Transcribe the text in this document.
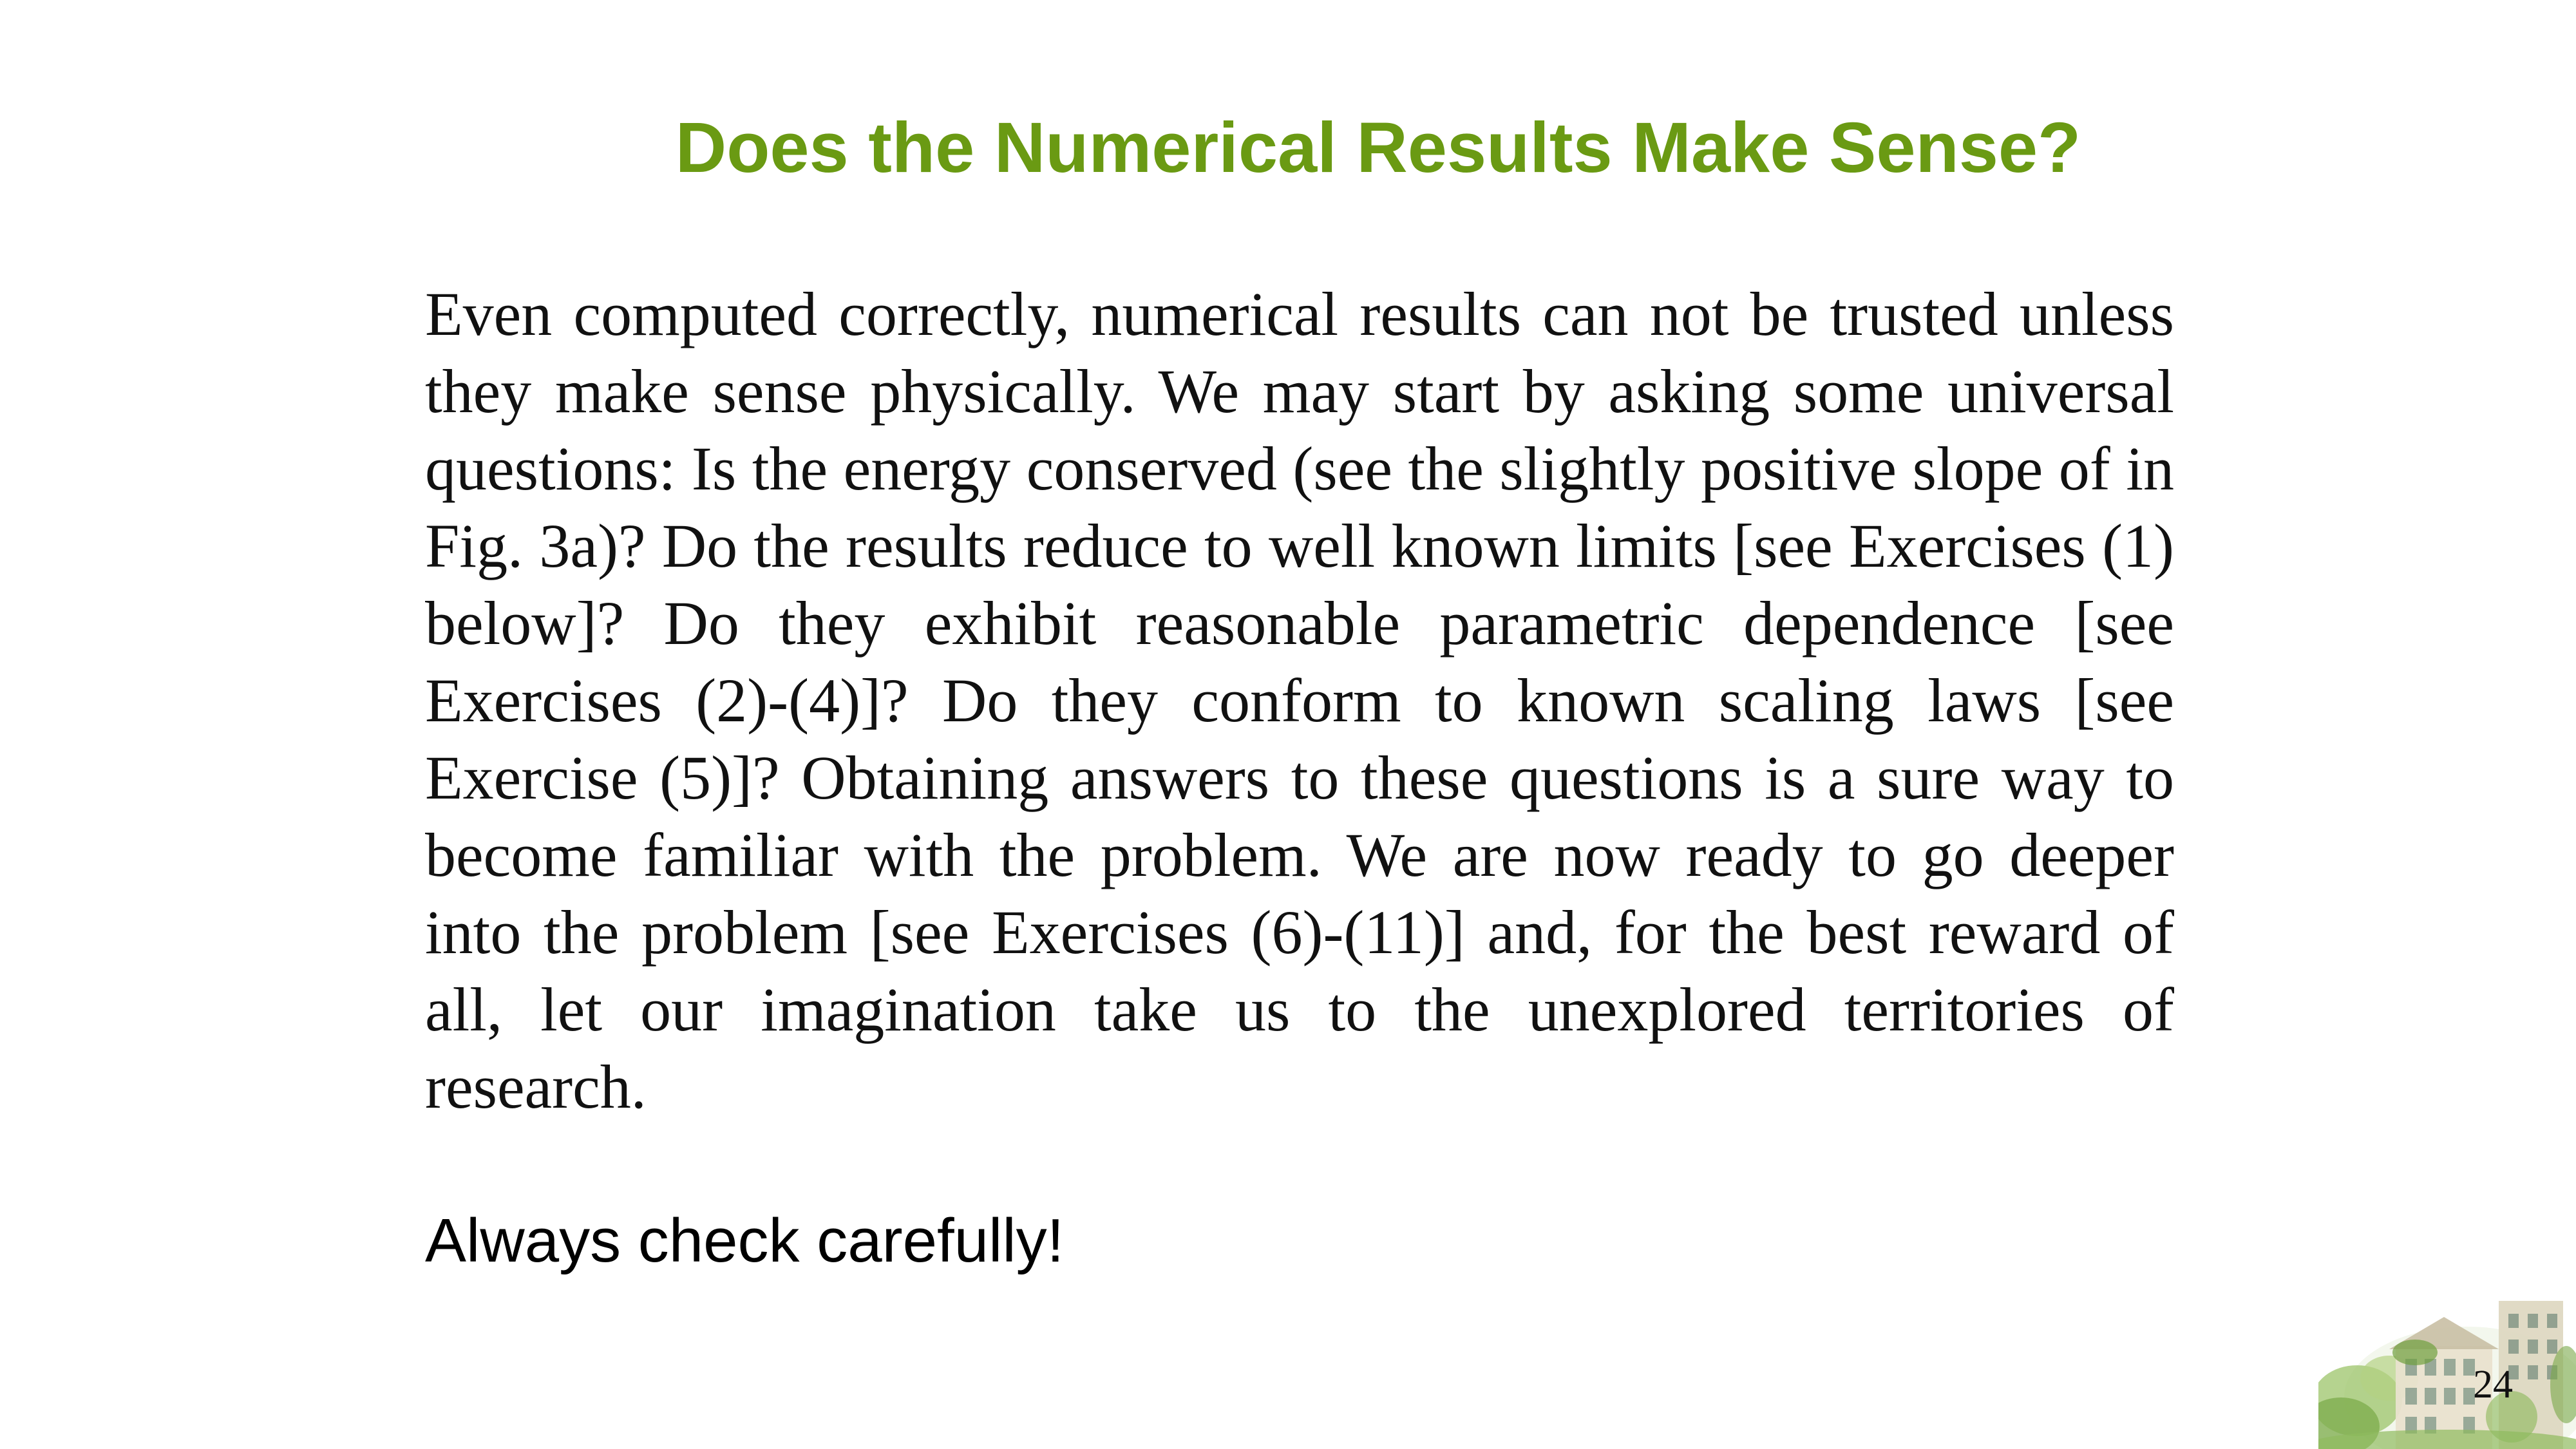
Does the Numerical Results Make Sense?

Even computed correctly, numerical results can not be trusted unless they make sense physically. We may start by asking some universal questions: Is the energy conserved (see the slightly positive slope of in Fig. 3a)? Do the results reduce to well known limits [see Exercises (1) below]? Do they exhibit reasonable parametric dependence [see Exercises (2)-(4)]? Do they conform to known scaling laws [see Exercise (5)]? Obtaining answers to these questions is a sure way to become familiar with the problem. We are now ready to go deeper into the problem [see Exercises (6)-(11)] and, for the best reward of all, let our imagination take us to the unexplored territories of research.

Always check carefully!

24
